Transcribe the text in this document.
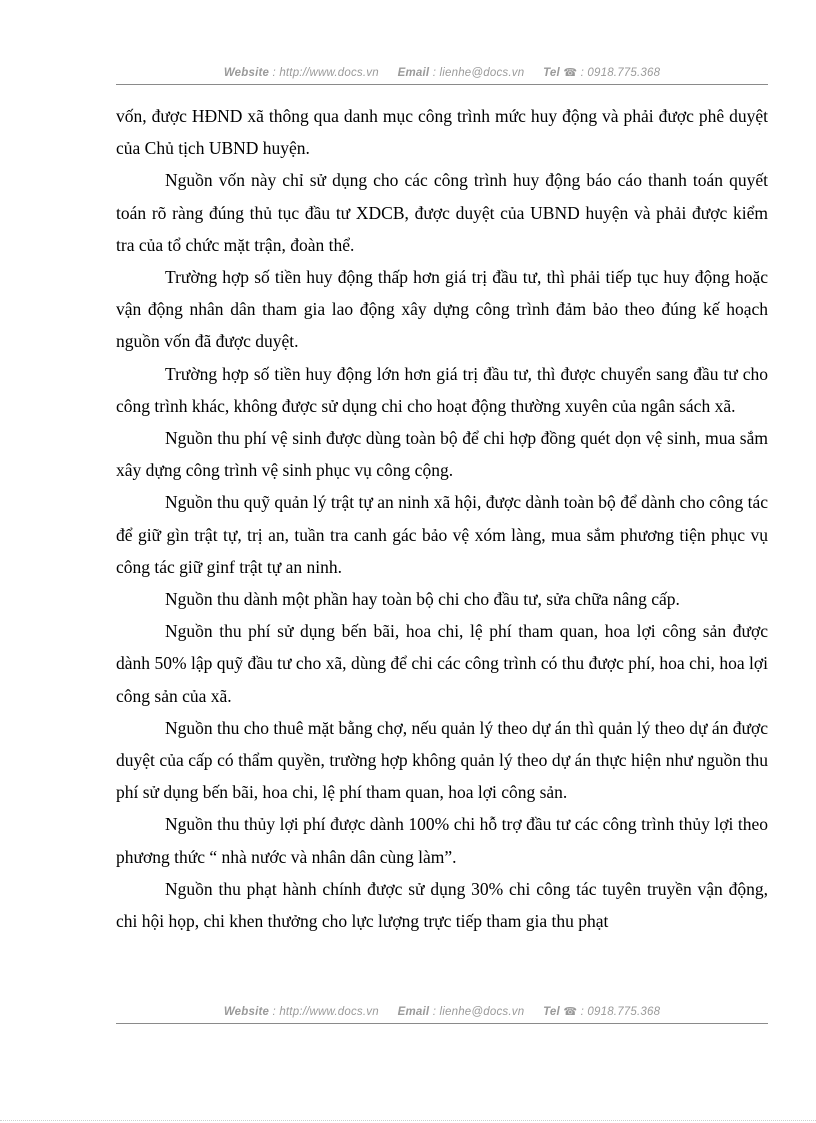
Website : http://www.docs.vn Email : lienhe@docs.vn Tel ☎ : 0918.775.368

vốn, được HĐND xã thông qua danh mục công trình mức huy động và phải được phê duyệt của Chủ tịch UBND huyện.

Nguồn vốn này chỉ sử dụng cho các công trình huy động báo cáo thanh toán quyết toán rõ ràng đúng thủ tục đầu tư XDCB, được duyệt của UBND huyện và phải được kiểm tra của tổ chức mặt trận, đoàn thể.

Trường hợp số tiền huy động thấp hơn giá trị đầu tư, thì phải tiếp tục huy động hoặc vận động nhân dân tham gia lao động xây dựng công trình đảm bảo theo đúng kế hoạch nguồn vốn đã được duyệt.

Trường hợp số tiền huy động lớn hơn giá trị đầu tư, thì được chuyển sang đầu tư cho công trình khác, không được sử dụng chi cho hoạt động thường xuyên của ngân sách xã.

Nguồn thu phí vệ sinh được dùng toàn bộ để chi hợp đồng quét dọn vệ sinh, mua sắm xây dựng công trình vệ sinh phục vụ công cộng.

Nguồn thu quỹ quản lý trật tự an ninh xã hội, được dành toàn bộ để dành cho công tác để giữ gìn trật tự, trị an, tuần tra canh gác bảo vệ xóm làng, mua sắm phương tiện phục vụ công tác giữ ginf trật tự an ninh.

Nguồn thu dành một phần hay toàn bộ chi cho đầu tư, sửa chữa nâng cấp.

Nguồn thu phí sử dụng bến bãi, hoa chi, lệ phí tham quan, hoa lợi công sản được dành 50% lập quỹ đầu tư cho xã, dùng để chi các công trình có thu được phí, hoa chi, hoa lợi công sản của xã.

Nguồn thu cho thuê mặt bằng chợ, nếu quản lý theo dự án thì quản lý theo dự án được duyệt của cấp có thẩm quyền, trường hợp không quản lý theo dự án thực hiện như nguồn thu phí sử dụng bến bãi, hoa chi, lệ phí tham quan, hoa lợi công sản.

Nguồn thu thủy lợi phí được dành 100% chi hỗ trợ đầu tư các công trình thủy lợi theo phương thức “ nhà nước và nhân dân cùng làm”.

Nguồn thu phạt hành chính được sử dụng 30% chi công tác tuyên truyền vận động, chi hội họp, chi khen thưởng cho lực lượng trực tiếp tham gia thu phạt

Website : http://www.docs.vn Email : lienhe@docs.vn Tel ☎ : 0918.775.368
